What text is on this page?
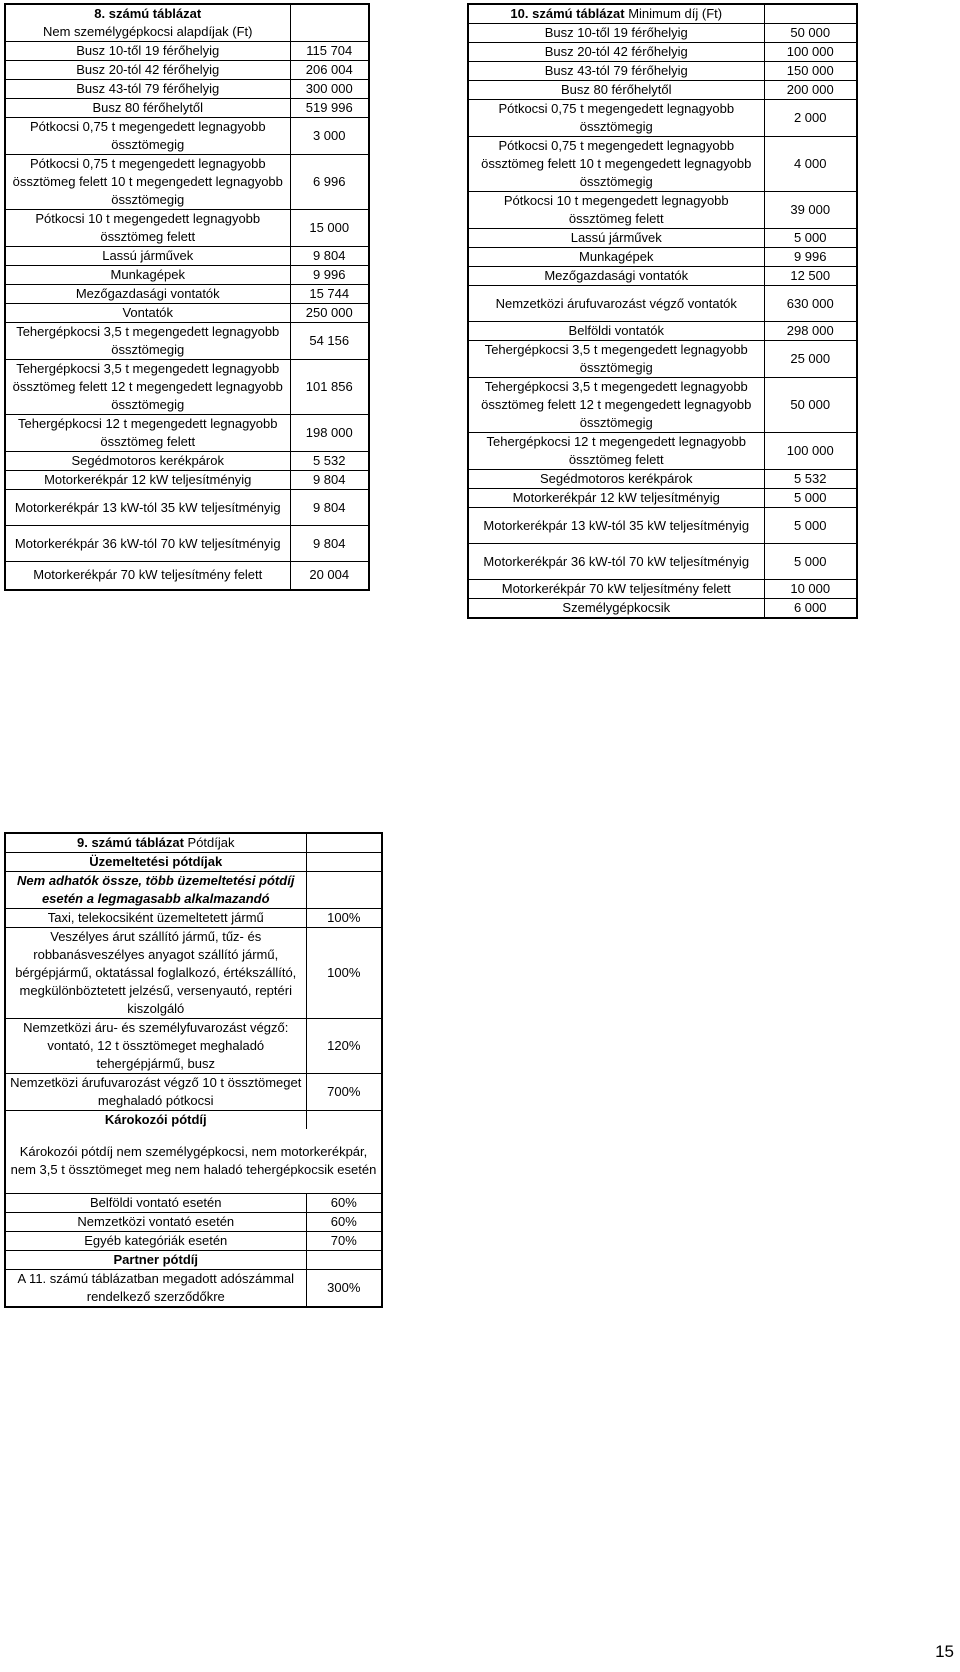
8. számú táblázat	
Nem személygépkocsi alapdíjak (Ft)	
Busz 10-től 19 férőhelyig	115 704
Busz 20-tól 42 férőhelyig	206 004
Busz 43-tól 79 férőhelyig	300 000
Busz 80 férőhelytől	519 996
Pótkocsi 0,75 t megengedett legnagyobb össztömegig	3 000
Pótkocsi 0,75 t megengedett legnagyobb össztömeg felett 10 t megengedett legnagyobb össztömegig	6 996
Pótkocsi 10 t megengedett legnagyobb össztömeg felett	15 000
Lassú járművek	9 804
Munkagépek	9 996
Mezőgazdasági vontatók	15 744
Vontatók	250 000
Tehergépkocsi 3,5 t megengedett legnagyobb össztömegig	54 156
Tehergépkocsi 3,5 t megengedett legnagyobb össztömeg felett 12 t megengedett legnagyobb össztömegig	101 856
Tehergépkocsi 12 t megengedett legnagyobb össztömeg felett	198 000
Segédmotoros kerékpárok	5 532
Motorkerékpár 12 kW teljesítményig	9 804
Motorkerékpár 13 kW-tól 35 kW teljesítményig	9 804
Motorkerékpár 36 kW-tól 70 kW teljesítményig	9 804
Motorkerékpár 70 kW teljesítmény felett	20 004
10. számú táblázat Minimum díj (Ft)	
Busz 10-től 19 férőhelyig	50 000
Busz 20-tól 42 férőhelyig	100 000
Busz 43-tól 79 férőhelyig	150 000
Busz 80 férőhelytől	200 000
Pótkocsi 0,75 t megengedett legnagyobb össztömegig	2 000
Pótkocsi 0,75 t megengedett legnagyobb össztömeg felett 10 t megengedett legnagyobb össztömegig	4 000
Pótkocsi 10 t megengedett legnagyobb össztömeg felett	39 000
Lassú járművek	5 000
Munkagépek	9 996
Mezőgazdasági vontatók	12 500
Nemzetközi árufuvarozást végző vontatók	630 000
Belföldi vontatók	298 000
Tehergépkocsi 3,5 t megengedett legnagyobb össztömegig	25 000
Tehergépkocsi 3,5 t megengedett legnagyobb össztömeg felett 12 t megengedett legnagyobb össztömegig	50 000
Tehergépkocsi 12 t megengedett legnagyobb össztömeg felett	100 000
Segédmotoros kerékpárok	5 532
Motorkerékpár 12 kW teljesítményig	5 000
Motorkerékpár 13 kW-tól 35 kW teljesítményig	5 000
Motorkerékpár 36 kW-tól 70 kW teljesítményig	5 000
Motorkerékpár 70 kW teljesítmény felett	10 000
Személygépkocsik	6 000
9. számú táblázat Pótdíjak	
Üzemeltetési pótdíjak	
Nem adhatók össze, több üzemeltetési pótdíj esetén a legmagasabb alkalmazandó	
Taxi, telekocsiként üzemeltetett jármű	100%
Veszélyes árut szállító jármű, tűz- és robbanásveszélyes anyagot szállító jármű, bérgépjármű, oktatással foglalkozó, értékszállító, megkülönböztetett jelzésű, versenyautó, reptéri kiszolgáló	100%
Nemzetközi áru- és személyfuvarozást végző: vontató, 12 t össztömeget meghaladó tehergépjármű, busz	120%
Nemzetközi árufuvarozást végző 10 t össztömeget meghaladó pótkocsi	700%
Károkozói pótdíj	
Károkozói pótdíj nem személygépkocsi, nem motorkerékpár, nem 3,5 t össztömeget meg nem haladó tehergépkocsik esetén	
Belföldi vontató esetén	60%
Nemzetközi vontató esetén	60%
Egyéb kategóriák esetén	70%
Partner pótdíj	
A 11. számú táblázatban megadott adószámmal rendelkező szerződőkre	300%
15
